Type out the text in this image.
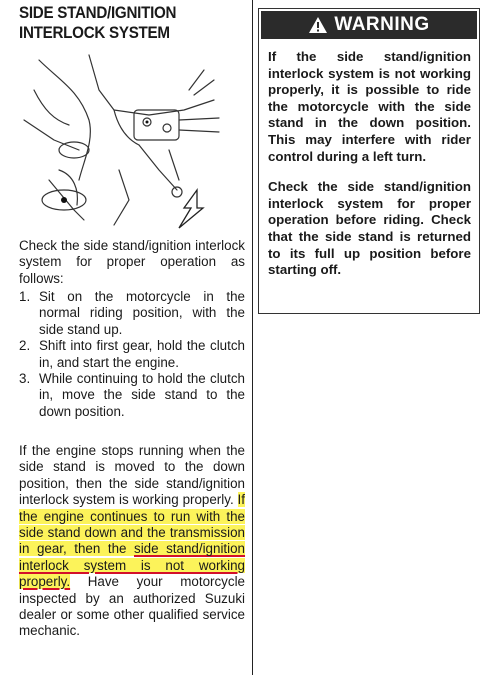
SIDE STAND/IGNITION
INTERLOCK SYSTEM
Check the side stand/ignition interlock system for proper operation as follows:
1. Sit on the motorcycle in the normal riding position, with the side stand up.
2. Shift into first gear, hold the clutch in, and start the engine.
3. While continuing to hold the clutch in, move the side stand to the down position.
If the engine stops running when the side stand is moved to the down position, then the side stand/ignition interlock system is working properly. If the engine continues to run with the side stand down and the transmission in gear, then the side stand/ignition interlock system is not working properly. Have your motorcycle inspected by an authorized Suzuki dealer or some other qualified service mechanic.
WARNING

If the side stand/ignition interlock system is not working properly, it is possible to ride the motorcycle with the side stand in the down position. This may interfere with rider control during a left turn.

Check the side stand/ignition interlock system for proper operation before riding. Check that the side stand is returned to its full up position before starting off.
